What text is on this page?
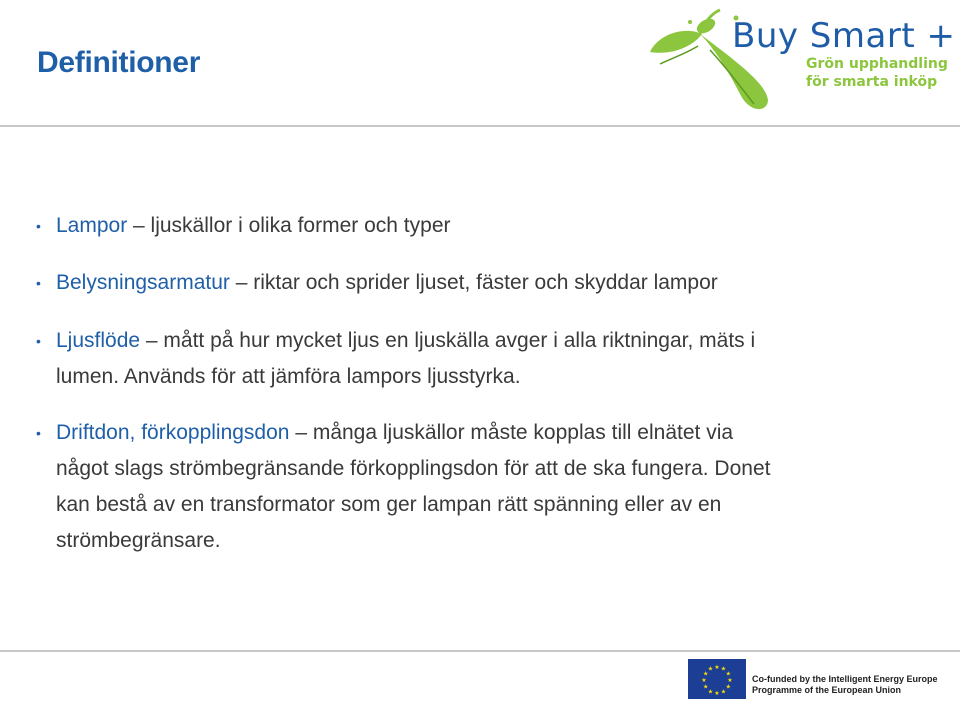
Definitioner
Buy Smart +
Grön upphandling
för smarta inköp
• Lampor – ljuskällor i olika former och typer
• Belysningsarmatur – riktar och sprider ljuset, fäster och skyddar lampor
• Ljusflöde – mått på hur mycket ljus en ljuskälla avger i alla riktningar, mäts i
lumen. Används för att jämföra lampors ljusstyrka.
• Driftdon, förkopplingsdon – många ljuskällor måste kopplas till elnätet via
något slags strömbegränsande förkopplingsdon för att de ska fungera. Donet
kan bestå av en transformator som ger lampan rätt spänning eller av en
strömbegränsare.
★ ★
★
★
★
★
★
★
★
★
★
★
Co-funded by the Intelligent Energy Europe
Programme of the European Union
